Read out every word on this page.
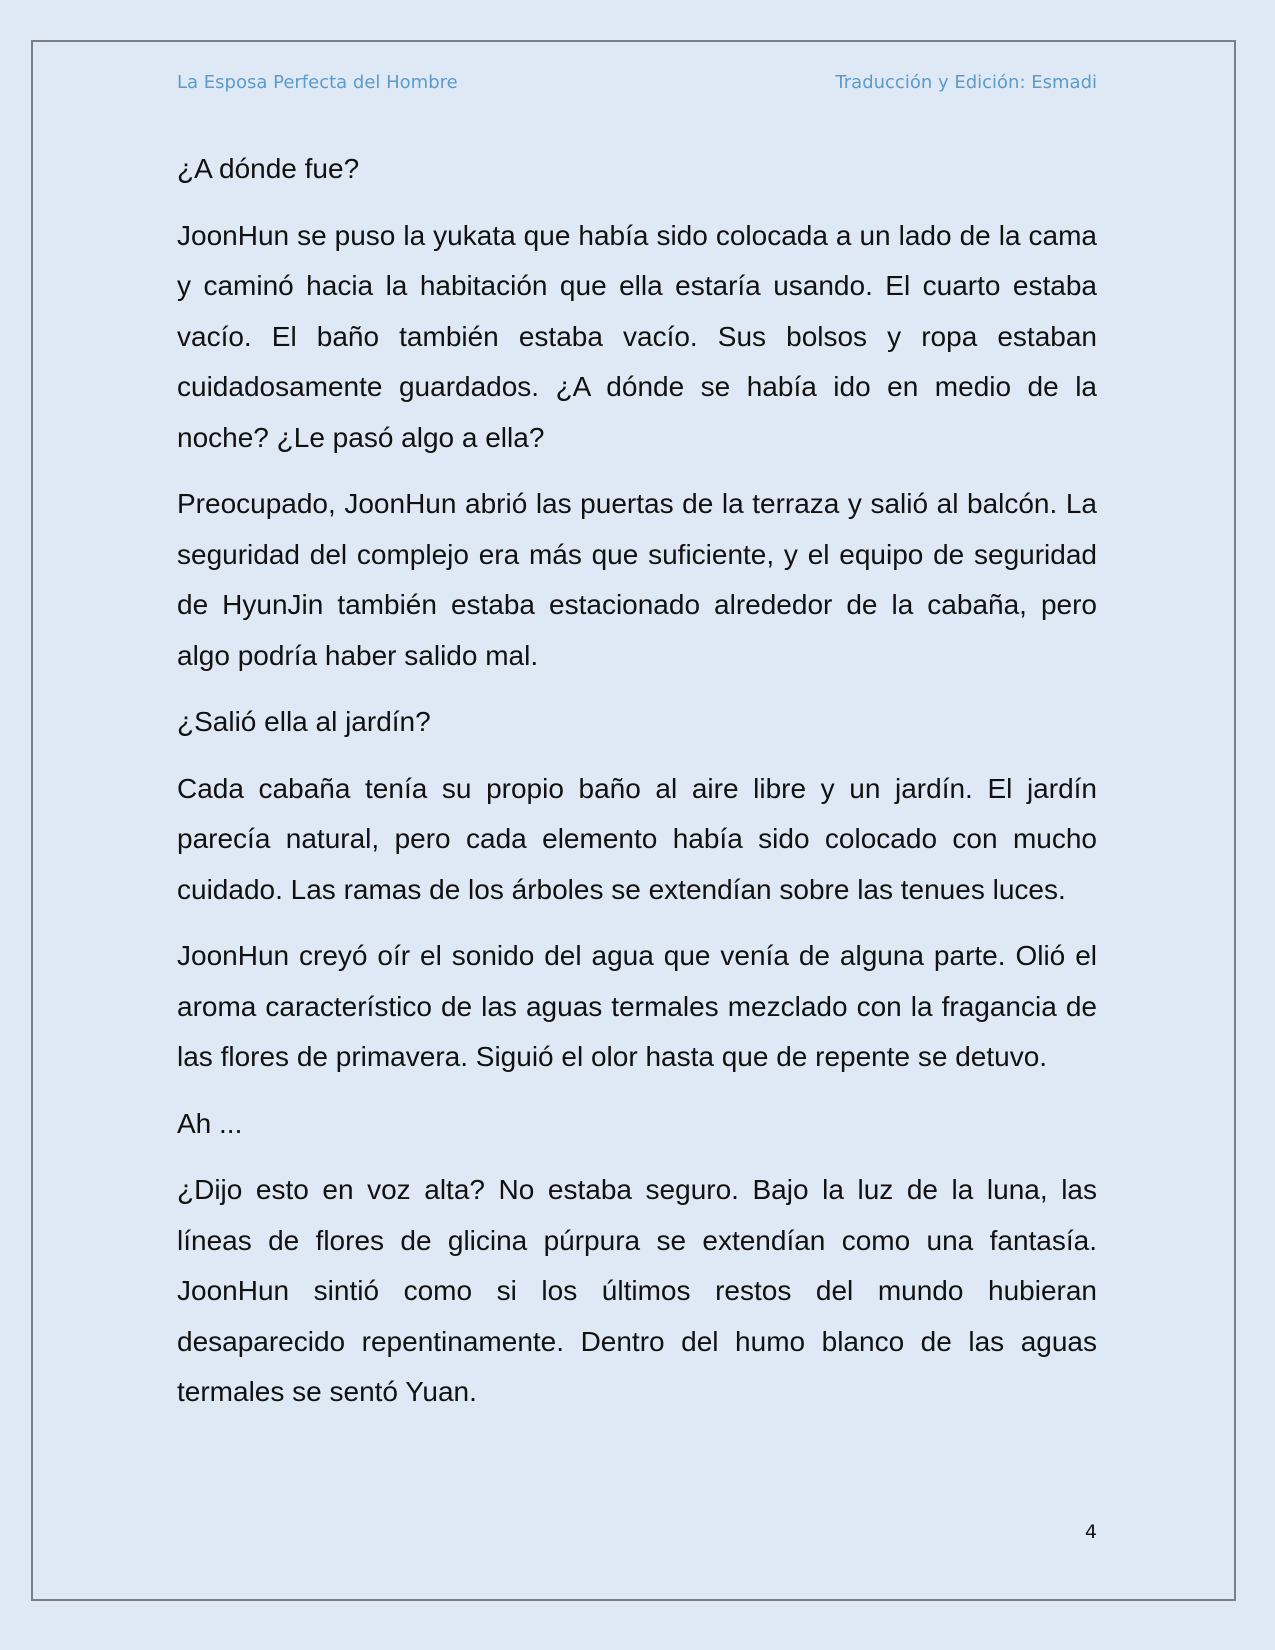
La Esposa Perfecta del Hombre	Traducción y Edición: Esmadi

¿A dónde fue?

JoonHun se puso la yukata que había sido colocada a un lado de la cama y caminó hacia la habitación que ella estaría usando. El cuarto estaba vacío. El baño también estaba vacío. Sus bolsos y ropa estaban cuidadosamente guardados. ¿A dónde se había ido en medio de la noche? ¿Le pasó algo a ella?

Preocupado, JoonHun abrió las puertas de la terraza y salió al balcón. La seguridad del complejo era más que suficiente, y el equipo de seguridad de HyunJin también estaba estacionado alrededor de la cabaña, pero algo podría haber salido mal.

¿Salió ella al jardín?

Cada cabaña tenía su propio baño al aire libre y un jardín. El jardín parecía natural, pero cada elemento había sido colocado con mucho cuidado. Las ramas de los árboles se extendían sobre las tenues luces.

JoonHun creyó oír el sonido del agua que venía de alguna parte. Olió el aroma característico de las aguas termales mezclado con la fragancia de las flores de primavera. Siguió el olor hasta que de repente se detuvo.

Ah ...

¿Dijo esto en voz alta? No estaba seguro. Bajo la luz de la luna, las líneas de flores de glicina púrpura se extendían como una fantasía. JoonHun sintió como si los últimos restos del mundo hubieran desaparecido repentinamente. Dentro del humo blanco de las aguas termales se sentó Yuan.

4
